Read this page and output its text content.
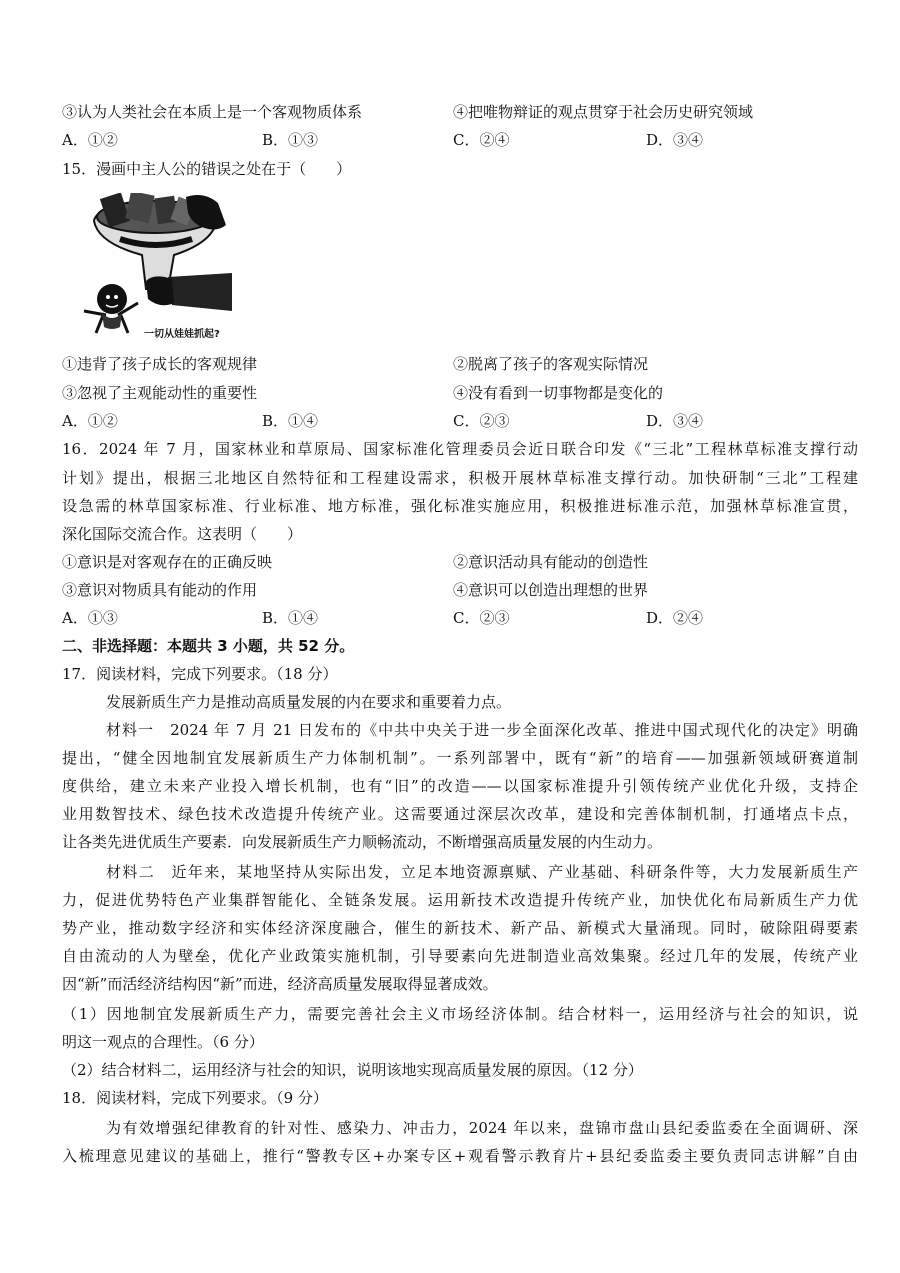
③认为人类社会在本质上是一个客观物质体系	④把唯物辩证的观点贯穿于社会历史研究领域
A．①②	B．①③	C．②④	D．③④
15．漫画中主人公的错误之处在于（　　）
一切从娃娃抓起?
①违背了孩子成长的客观规律	②脱离了孩子的客观实际情况
③忽视了主观能动性的重要性	④没有看到一切事物都是变化的
A．①②	B．①④	C．②③	D．③④
16．2024 年 7 月，国家林业和草原局、国家标准化管理委员会近日联合印发《“三北”工程林草标准支撑行动
计划》提出，根据三北地区自然特征和工程建设需求，积极开展林草标准支撑行动。加快研制“三北”工程建
设急需的林草国家标准、行业标准、地方标准，强化标准实施应用，积极推进标准示范，加强林草标准宣贯，
深化国际交流合作。这表明（　　）
①意识是对客观存在的正确反映	②意识活动具有能动的创造性
③意识对物质具有能动的作用	④意识可以创造出理想的世界
A．①③	B．①④	C．②③	D．②④
二、非选择题：本题共 3 小题，共 52 分。
17．阅读材料，完成下列要求。（18 分）
发展新质生产力是推动高质量发展的内在要求和重要着力点。
材料一　2024 年 7 月 21 日发布的《中共中央关于进一步全面深化改革、推进中国式现代化的决定》明确
提出，“健全因地制宜发展新质生产力体制机制”。一系列部署中，既有“新”的培育——加强新领域研赛道制
度供给，建立未来产业投入增长机制，也有“旧”的改造——以国家标准提升引领传统产业优化升级，支持企
业用数智技术、绿色技术改造提升传统产业。这需要通过深层次改革，建设和完善体制机制，打通堵点卡点，
让各类先进优质生产要素．向发展新质生产力顺畅流动，不断增强高质量发展的内生动力。
材料二　近年来，某地坚持从实际出发，立足本地资源禀赋、产业基础、科研条件等，大力发展新质生产
力，促进优势特色产业集群智能化、全链条发展。运用新技术改造提升传统产业，加快优化布局新质生产力优
势产业，推动数字经济和实体经济深度融合，催生的新技术、新产品、新模式大量涌现。同时，破除阻碍要素
自由流动的人为壁垒，优化产业政策实施机制，引导要素向先进制造业高效集聚。经过几年的发展，传统产业
因“新”而活经济结构因“新”而进，经济高质量发展取得显著成效。
（1）因地制宜发展新质生产力，需要完善社会主义市场经济体制。结合材料一，运用经济与社会的知识，说
明这一观点的合理性。（6 分）
（2）结合材料二，运用经济与社会的知识，说明该地实现高质量发展的原因。（12 分）
18．阅读材料，完成下列要求。（9 分）
为有效增强纪律教育的针对性、感染力、冲击力，2024 年以来，盘锦市盘山县纪委监委在全面调研、深
入梳理意见建议的基础上，推行“警教专区+办案专区+观看警示教育片+县纪委监委主要负责同志讲解”自由
